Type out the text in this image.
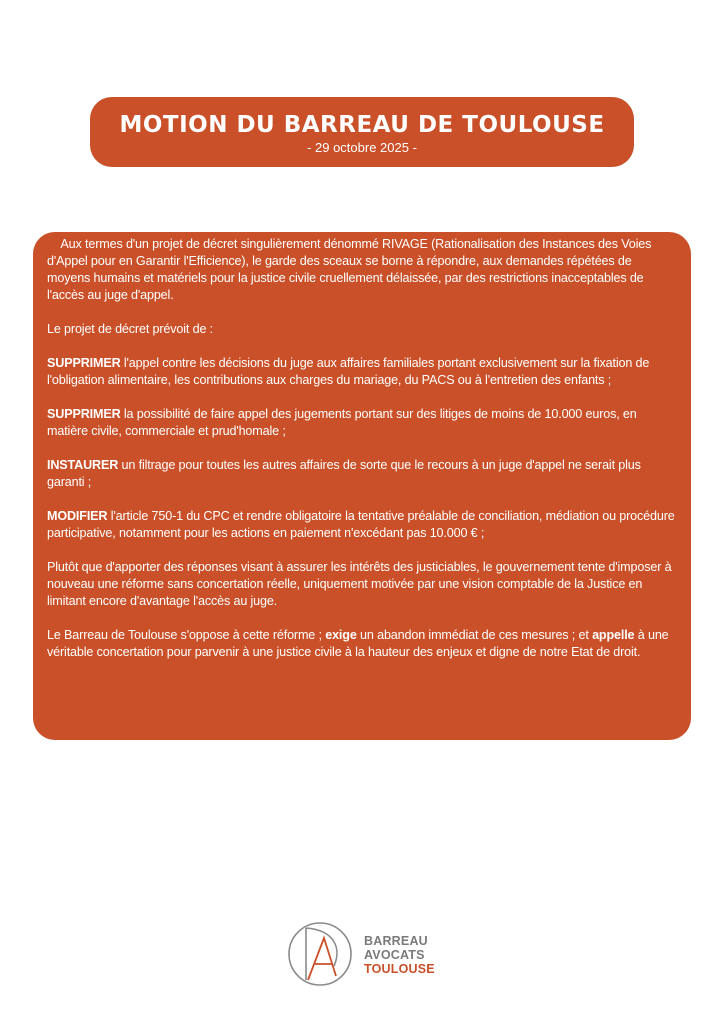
MOTION DU BARREAU DE TOULOUSE
- 29 octobre 2025 -

Aux termes d'un projet de décret singulièrement dénommé RIVAGE (Rationalisation des Instances des Voies d'Appel pour en Garantir l'Efficience), le garde des sceaux se borne à répondre, aux demandes répétées de moyens humains et matériels pour la justice civile cruellement délaissée, par des restrictions inacceptables de l'accès au juge d'appel.

Le projet de décret prévoit de :

SUPPRIMER l'appel contre les décisions du juge aux affaires familiales portant exclusivement sur la fixation de l'obligation alimentaire, les contributions aux charges du mariage, du PACS ou à l'entretien des enfants ;

SUPPRIMER la possibilité de faire appel des jugements portant sur des litiges de moins de 10.000 euros, en matière civile, commerciale et prud'homale ;

INSTAURER un filtrage pour toutes les autres affaires de sorte que le recours à un juge d'appel ne serait plus garanti ;

MODIFIER l'article 750-1 du CPC et rendre obligatoire la tentative préalable de conciliation, médiation ou procédure participative, notamment pour les actions en paiement n'excédant pas 10.000 € ;

Plutôt que d'apporter des réponses visant à assurer les intérêts des justiciables, le gouvernement tente d'imposer à nouveau une réforme sans concertation réelle, uniquement motivée par une vision comptable de la Justice en limitant encore d'avantage l'accès au juge.

Le Barreau de Toulouse s'oppose à cette réforme ; exige un abandon immédiat de ces mesures ; et appelle à une véritable concertation pour parvenir à une justice civile à la hauteur des enjeux et digne de notre Etat de droit.

BARREAU
AVOCATS
TOULOUSE
